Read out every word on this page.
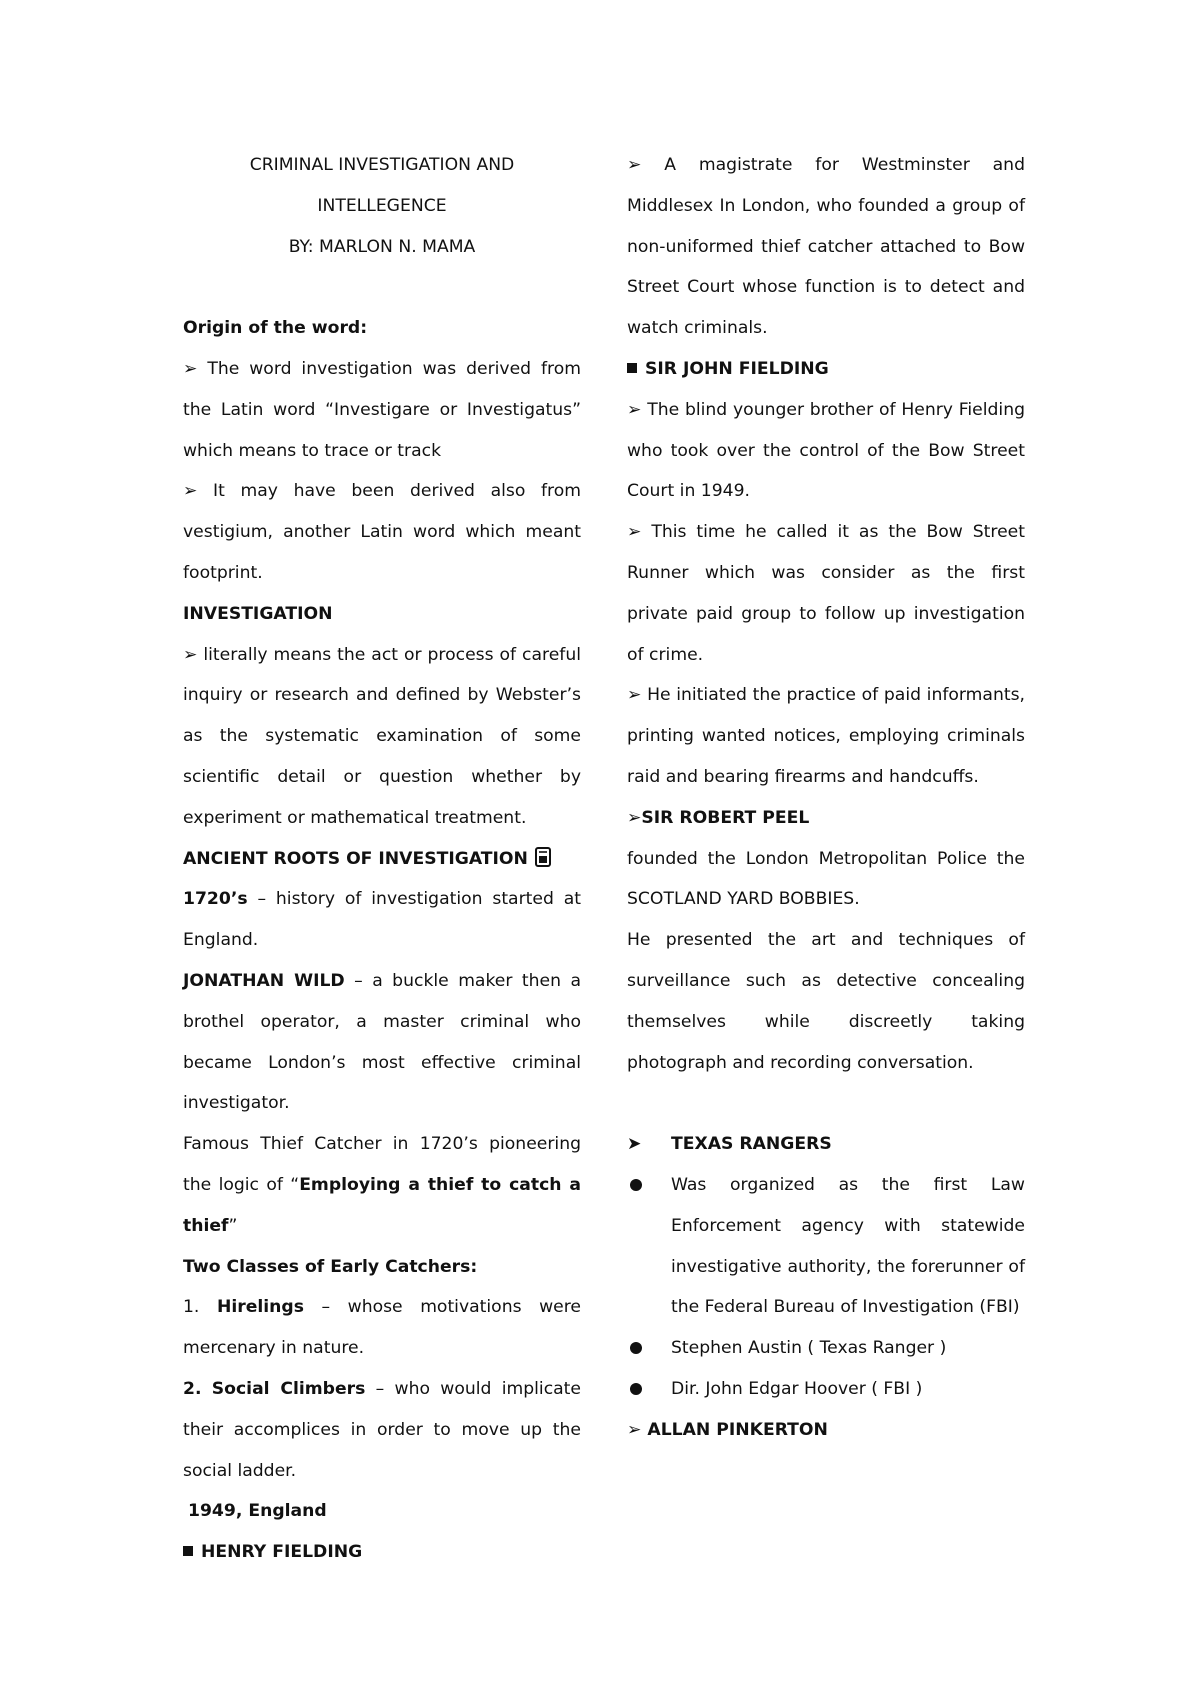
CRIMINAL INVESTIGATION AND

INTELLEGENCE

BY: MARLON N. MAMA

Origin of the word:

➢ The word investigation was derived from the Latin word “Investigare or Investigatus” which means to trace or track

➢ It may have been derived also from vestigium, another Latin word which meant footprint.

INVESTIGATION

➢ literally means the act or process of careful inquiry or research and defined by Webster’s as the systematic examination of some scientific detail or question whether by experiment or mathematical treatment.

ANCIENT ROOTS OF INVESTIGATION

1720’s – history of investigation started at England.

JONATHAN WILD – a buckle maker then a brothel operator, a master criminal who became London’s most effective criminal investigator.

Famous Thief Catcher in 1720’s pioneering the logic of “Employing a thief to catch a thief”

Two Classes of Early Catchers:

1. Hirelings – whose motivations were mercenary in nature.

2. Social Climbers – who would implicate their accomplices in order to move up the social ladder.

1949, England

HENRY FIELDING

➢ A magistrate for Westminster and Middlesex In London, who founded a group of non-uniformed thief catcher attached to Bow Street Court whose function is to detect and watch criminals.

SIR JOHN FIELDING

➢ The blind younger brother of Henry Fielding who took over the control of the Bow Street Court in 1949.

➢ This time he called it as the Bow Street Runner which was consider as the first private paid group to follow up investigation of crime.

➢ He initiated the practice of paid informants, printing wanted notices, employing criminals raid and bearing firearms and handcuffs.

➢SIR ROBERT PEEL

founded the London Metropolitan Police the SCOTLAND YARD BOBBIES.

He presented the art and techniques of surveillance such as detective concealing themselves while discreetly taking photograph and recording conversation.

➤	TEXAS RANGERS
Was organized as the first Law Enforcement agency with statewide investigative authority, the forerunner of the Federal Bureau of Investigation (FBI)
Stephen Austin ( Texas Ranger )
Dir. John Edgar Hoover ( FBI )

➢ ALLAN PINKERTON
